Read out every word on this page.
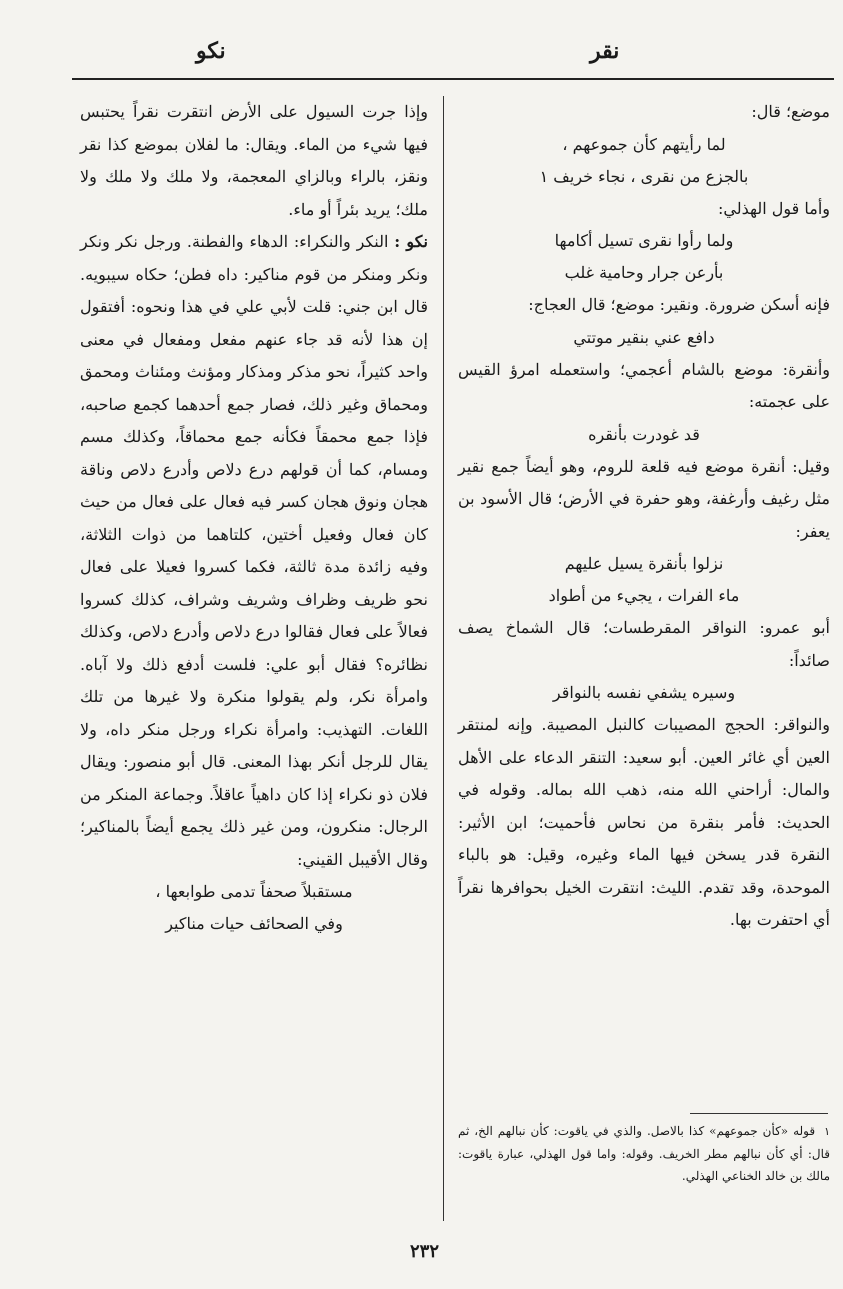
نكو	نقر

وإذا جرت السيول على الأرض انتقرت نقراً يحتبس فيها شيء من الماء. ويقال: ما لفلان بموضع كذا نقر ونقز، بالراء وبالزاي المعجمة، ولا ملك ولا ملك ولا ملك؛ يريد بئراً أو ماء.

نكو : النكر والنكراء: الدهاء والفطنة. ورجل نكر ونكر ونكر ومنكر من قوم مناكير: داه فطن؛ حكاه سيبويه. قال ابن جني: قلت لأبي علي في هذا ونحوه: أفتقول إن هذا لأنه قد جاء عنهم مفعل ومفعال في معنى واحد كثيراً، نحو مذكر ومذكار ومؤنث ومئناث ومحمق ومحماق وغير ذلك، فصار جمع أحدهما كجمع صاحبه، فإذا جمع محمقاً فكأنه جمع محماقاً، وكذلك مسم ومسام، كما أن قولهم درع دلاص وأدرع دلاص وناقة هجان ونوق هجان كسر فيه فعال على فعال من حيث كان فعال وفعيل أختين، كلتاهما من ذوات الثلاثة، وفيه زائدة مدة ثالثة، فكما كسروا فعيلا على فعال نحو ظريف وظراف وشريف وشراف، كذلك كسروا فعالاً على فعال فقالوا درع دلاص وأدرع دلاص، وكذلك نظائره؟ فقال أبو علي: فلست أدفع ذلك ولا آباه. وامرأة نكر، ولم يقولوا منكرة ولا غيرها من تلك اللغات. التهذيب: وامرأة نكراء ورجل منكر داه، ولا يقال للرجل أنكر بهذا المعنى. قال أبو منصور: ويقال فلان ذو نكراء إذا كان داهياً عاقلاً. وجماعة المنكر من الرجال: منكرون، ومن غير ذلك يجمع أيضاً بالمناكير؛ وقال الأقيبل القيني:

مستقبلاً صحفاً تدمى طوابعها ،
وفي الصحائف حيات مناكير

موضع؛ قال:

لما رأيتهم كأن جموعهم ،
بالجزع من نقرى ، نجاء خريف ١

وأما قول الهذلي:

ولما رأوا نقرى تسيل أكامها
بأرعن جرار وحامية غلب

فإنه أسكن ضرورة. ونقير: موضع؛ قال العجاج:

دافع عني بنقير موتتي

وأنقرة: موضع بالشام أعجمي؛ واستعمله امرؤ القيس على عجمته:

قد غودرت بأنقره

وقيل: أنقرة موضع فيه قلعة للروم، وهو أيضاً جمع نقير مثل رغيف وأرغفة، وهو حفرة في الأرض؛ قال الأسود بن يعفر:

نزلوا بأنقرة يسيل عليهم
ماء الفرات ، يجيء من أطواد

أبو عمرو: النواقر المقرطسات؛ قال الشماخ يصف صائداً:

وسيره يشفي نفسه بالنواقر

والنواقر: الحجج المصيبات كالنبل المصيبة. وإنه لمنتقر العين أي غائر العين. أبو سعيد: التنقر الدعاء على الأهل والمال: أراحني الله منه، ذهب الله بماله. وقوله في الحديث: فأمر بنقرة من نحاس فأحميت؛ ابن الأثير: النقرة قدر يسخن فيها الماء وغيره، وقيل: هو بالباء الموحدة، وقد تقدم. الليث: انتقرت الخيل بحوافرها نقراً أي احتفرت بها.

١ قوله «كأن جموعهم» كذا بالاصل. والذي في ياقوت: كأن نبالهم الخ، ثم قال: أي كأن نبالهم مطر الخريف. وقوله: واما قول الهذلي، عبارة ياقوت: مالك بن خالد الخناعي الهذلي.
٢٣٢
